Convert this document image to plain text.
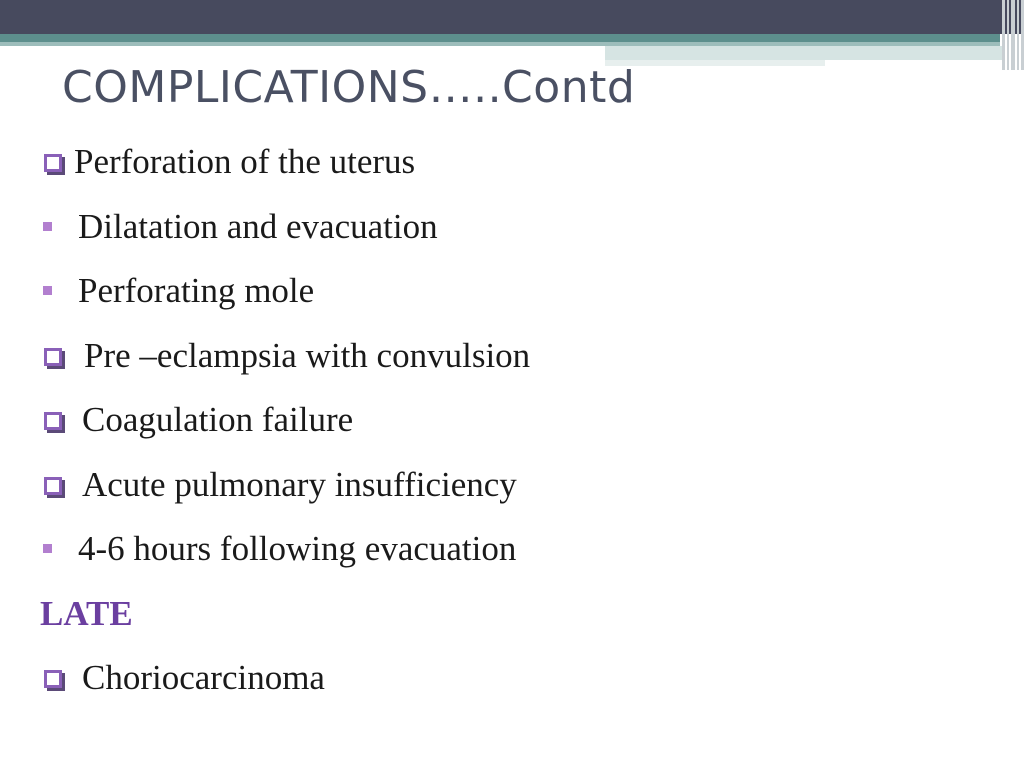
COMPLICATIONS…..Contd
Perforation of the uterus
Dilatation and evacuation
Perforating mole
Pre –eclampsia with convulsion
Coagulation failure
Acute pulmonary insufficiency
4-6 hours following evacuation
LATE
Choriocarcinoma
